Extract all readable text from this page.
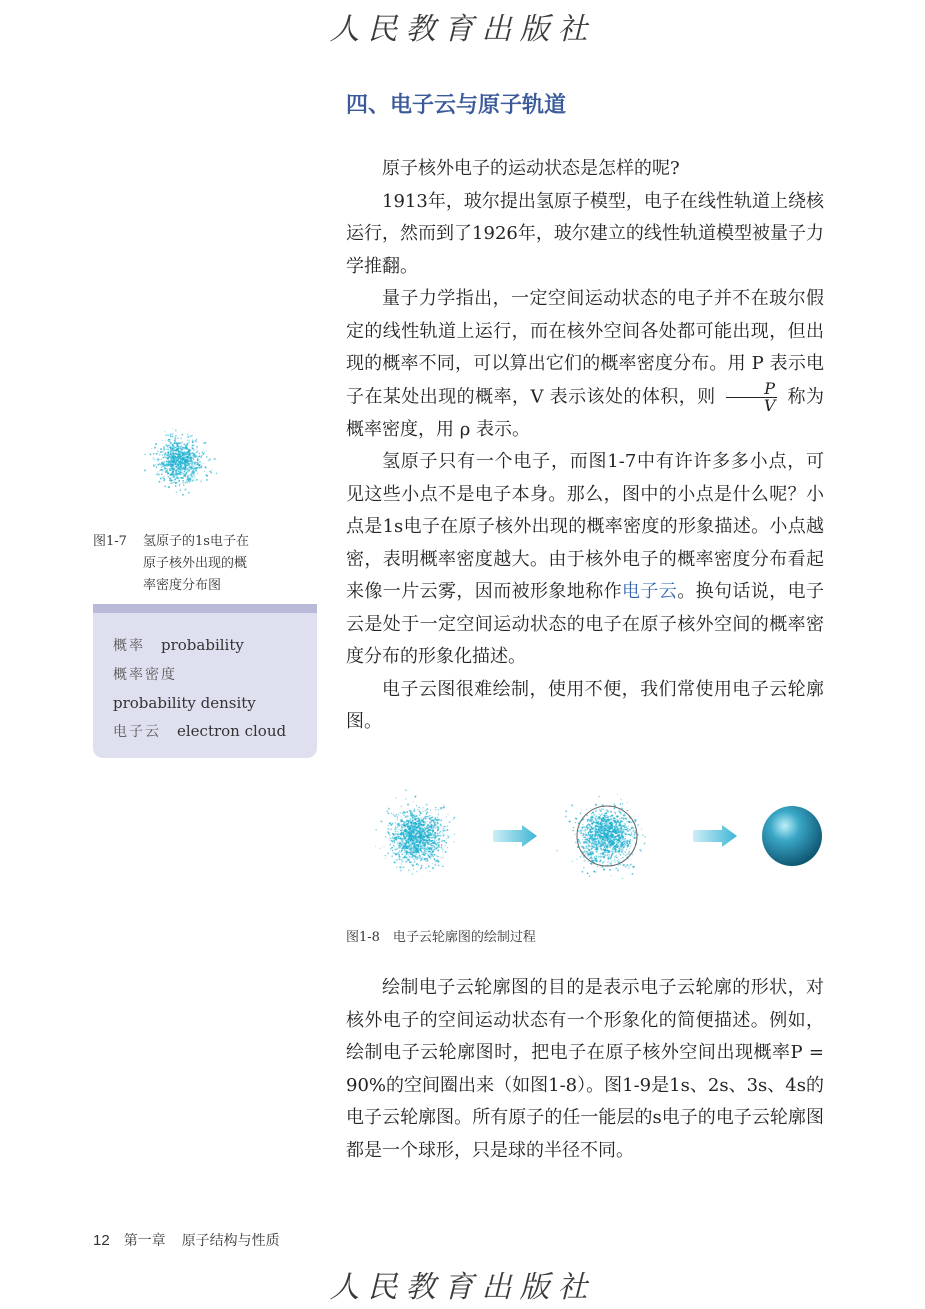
人民教育出版社
四、电子云与原子轨道

原子核外电子的运动状态是怎样的呢?

1913年，玻尔提出氢原子模型，电子在线性轨道上绕核运行，然而到了1926年，玻尔建立的线性轨道模型被量子力学推翻。

量子力学指出，一定空间运动状态的电子并不在玻尔假定的线性轨道上运行，而在核外空间各处都可能出现，但出现的概率不同，可以算出它们的概率密度分布。用 P 表示电子在某处出现的概率，V 表示该处的体积，则 $\frac{P}{V}$ 称为概率密度，用 ρ 表示。

氢原子只有一个电子，而图1-7中有许许多多小点，可见这些小点不是电子本身。那么，图中的小点是什么呢？小点是1s电子在原子核外出现的概率密度的形象描述。小点越密，表明概率密度越大。由于核外电子的概率密度分布看起来像一片云雾，因而被形象地称作电子云。换句话说，电子云是处于一定空间运动状态的电子在原子核外空间的概率密度分布的形象化描述。

电子云图很难绘制，使用不便，我们常使用电子云轮廓图。

图1-7 氢原子的1s电子在
原子核外出现的概
率密度分布图
概率 probability
概率密度
probability density
电子云 electron cloud
图1-8　电子云轮廓图的绘制过程

绘制电子云轮廓图的目的是表示电子云轮廓的形状，对核外电子的空间运动状态有一个形象化的简便描述。例如，绘制电子云轮廓图时，把电子在原子核外空间出现概率P = 90%的空间圈出来（如图1-8）。图1-9是1s、2s、3s、4s的电子云轮廓图。所有原子的任一能层的s电子的电子云轮廓图都是一个球形，只是球的半径不同。

12 第一章 原子结构与性质
人民教育出版社
